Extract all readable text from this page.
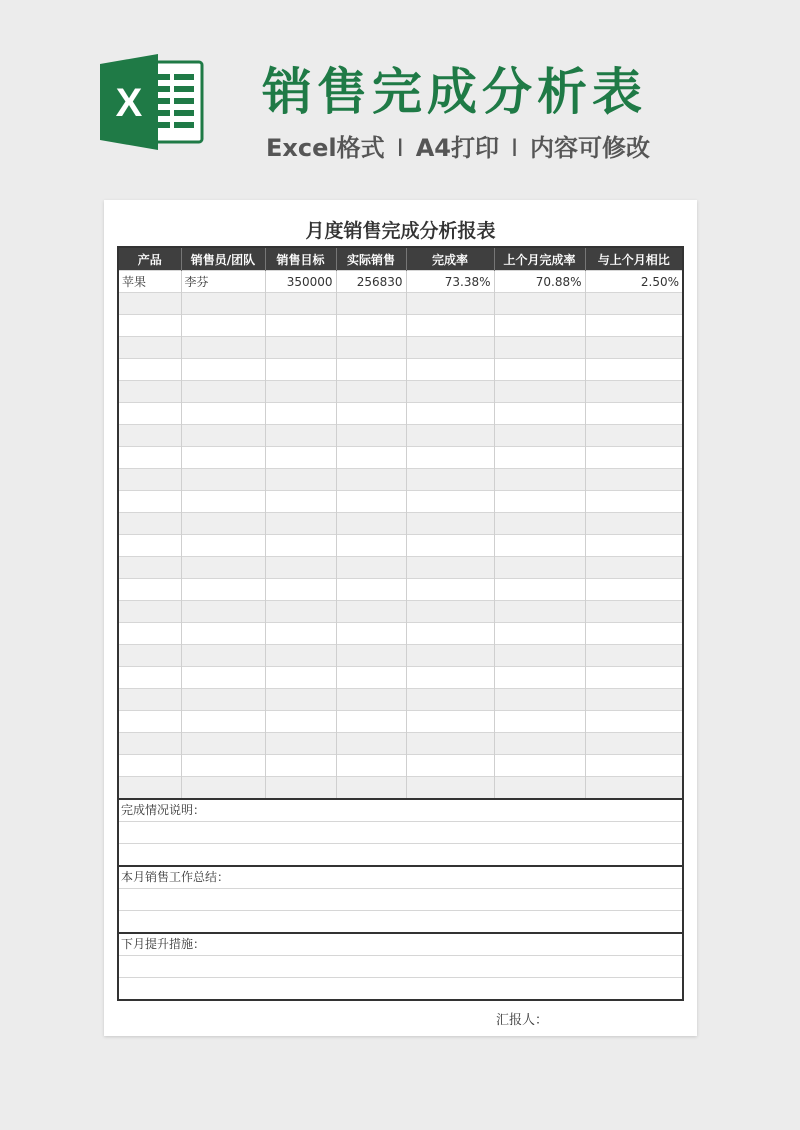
X 销售完成分析表
Excel格式 I A4打印 I 内容可修改
月度销售完成分析报表
产品	销售员/团队	销售目标	实际销售	完成率	上个月完成率	与上个月相比
苹果	李芬	350000	256830	73.38%	70.88%	2.50%

完成情况说明：
本月销售工作总结：
下月提升措施：
汇报人：
